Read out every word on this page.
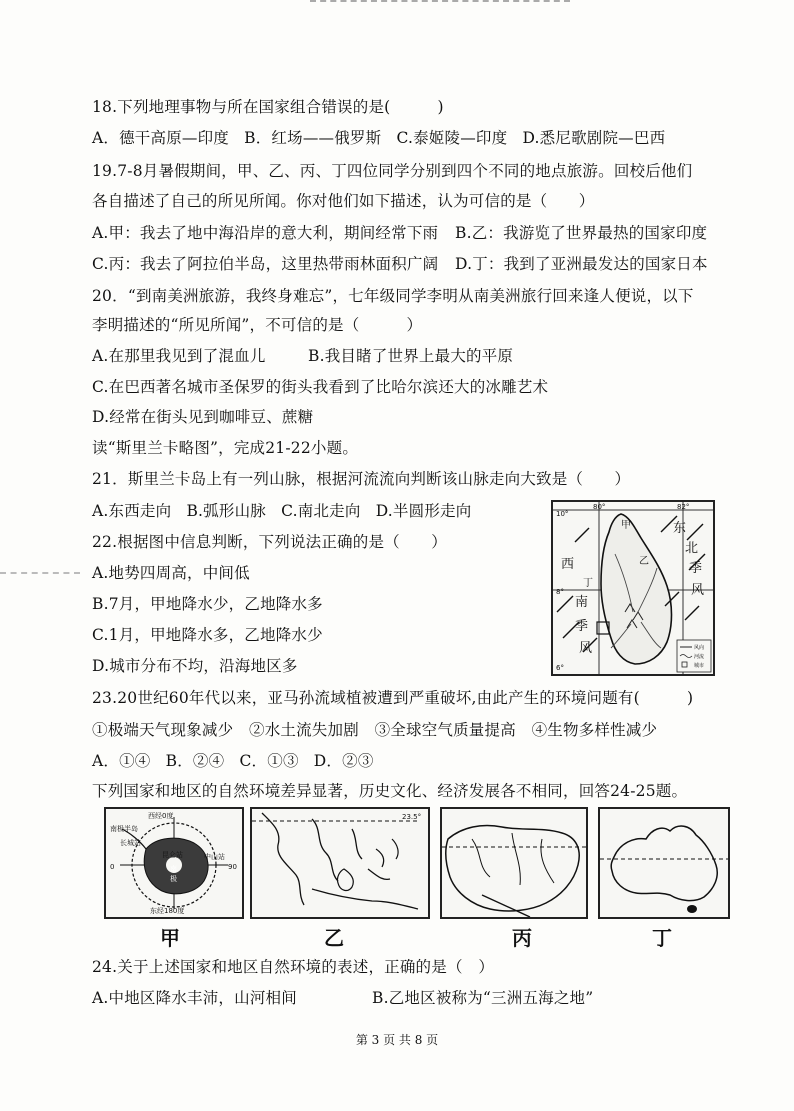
18.下列地理事物与所在国家组合错误的是(　　　)
A．德干高原—印度 B．红场——俄罗斯 C.泰姬陵—印度 D.悉尼歌剧院—巴西
19.7-8月暑假期间，甲、乙、丙、丁四位同学分别到四个不同的地点旅游。回校后他们
各自描述了自己的所见所闻。你对他们如下描述，认为可信的是（　　）
A.甲：我去了地中海沿岸的意大利，期间经常下雨 B.乙：我游览了世界最热的国家印度
C.丙：我去了阿拉伯半岛，这里热带雨林面积广阔 D.丁：我到了亚洲最发达的国家日本
20．“到南美洲旅游，我终身难忘”，七年级同学李明从南美洲旅行回来逢人便说，以下
李明描述的“所见所闻”，不可信的是（　　　）
A.在那里我见到了混血儿	B.我目睹了世界上最大的平原
C.在巴西著名城市圣保罗的街头我看到了比哈尔滨还大的冰雕艺术
D.经常在街头见到咖啡豆、蔗糖
读“斯里兰卡略图”，完成21-22小题。
21．斯里兰卡岛上有一列山脉，根据河流流向判断该山脉走向大致是（　　）
A.东西走向 B.弧形山脉 C.南北走向 D.半圆形走向
22.根据图中信息判断，下列说法正确的是（　　）
A.地势四周高，中间低
B.7月，甲地降水少，乙地降水多
C.1月，甲地降水多，乙地降水少
D.城市分布不均，沿海地区多
风向
河流
城市
10°
8°
6°
80°	82°
东
北
季
风
西
南
季
风
甲
乙
丁
23.20世纪60年代以来，亚马孙流域植被遭到严重破坏,由此产生的环境问题有(　　　)
①极端天气现象减少　②水土流失加剧　③全球空气质量提高　④生物多样性减少
A．①④ B．②④ C．①③ D．②③
下列国家和地区的自然环境差异显著，历史文化、经济发展各不相同，回答24-25题。
西经0度
东经180度
南极半岛
昆仑站
长城站
中山站
南
极
0	90
甲
23.5°
乙	丙	丁
24.关于上述国家和地区自然环境的表述，正确的是（　）
A.中地区降水丰沛，山河相间	B.乙地区被称为“三洲五海之地”
第 3 页 共 8 页
